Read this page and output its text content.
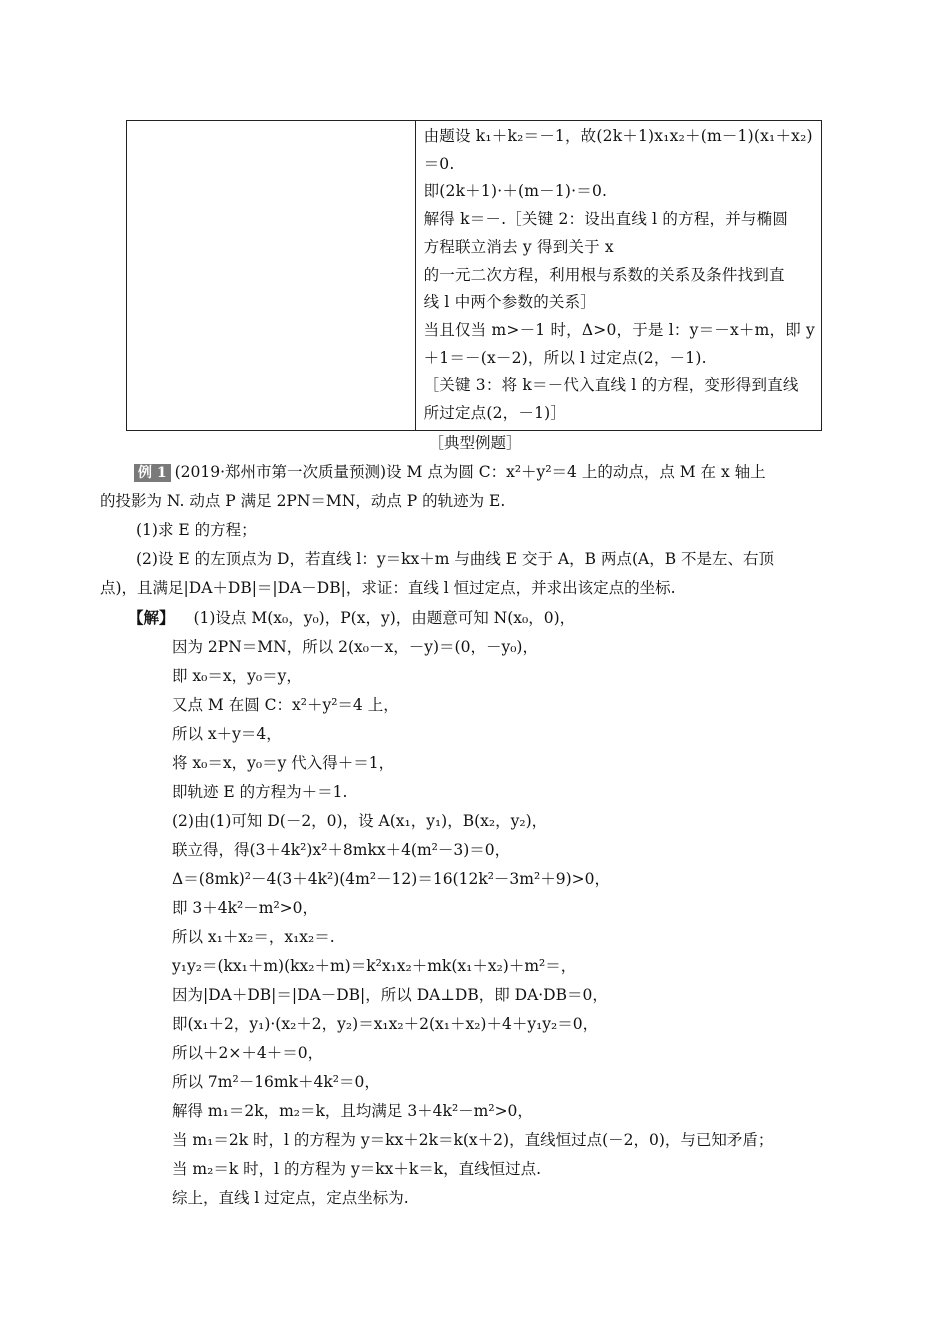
由题设 k₁＋k₂＝－1，故(2k＋1)x₁x₂＋(m－1)(x₁＋x₂)
＝0.
即(2k＋1)·＋(m－1)·＝0.
解得 k＝－.［关键 2：设出直线 l 的方程，并与椭圆
方程联立消去 y 得到关于 x
的一元二次方程，利用根与系数的关系及条件找到直
线 l 中两个参数的关系］
当且仅当 m>－1 时，Δ>0，于是 l：y＝－x＋m，即 y
＋1＝－(x－2)，所以 l 过定点(2，－1).
［关键 3：将 k＝－代入直线 l 的方程，变形得到直线
所过定点(2，－1)］
［典型例题］
例 1 (2019·郑州市第一次质量预测)设 M 点为圆 C：x²＋y²＝4 上的动点，点 M 在 x 轴上
的投影为 N. 动点 P 满足 2PN＝MN，动点 P 的轨迹为 E.
(1)求 E 的方程；
(2)设 E 的左顶点为 D，若直线 l：y＝kx＋m 与曲线 E 交于 A，B 两点(A，B 不是左、右顶
点)，且满足|DA＋DB|＝|DA－DB|，求证：直线 l 恒过定点，并求出该定点的坐标.
【解】 (1)设点 M(x₀，y₀)，P(x，y)，由题意可知 N(x₀，0)，
因为 2PN＝MN，所以 2(x₀－x，－y)＝(0，－y₀)，
即 x₀＝x，y₀＝y，
又点 M 在圆 C：x²＋y²＝4 上，
所以 x＋y＝4，
将 x₀＝x，y₀＝y 代入得＋＝1，
即轨迹 E 的方程为＋＝1.
(2)由(1)可知 D(－2，0)，设 A(x₁，y₁)，B(x₂，y₂)，
联立得，得(3＋4k²)x²＋8mkx＋4(m²－3)＝0，
Δ＝(8mk)²－4(3＋4k²)(4m²－12)＝16(12k²－3m²＋9)>0，
即 3＋4k²－m²>0，
所以 x₁＋x₂＝，x₁x₂＝.
y₁y₂＝(kx₁＋m)(kx₂＋m)＝k²x₁x₂＋mk(x₁＋x₂)＋m²＝，
因为|DA＋DB|＝|DA－DB|，所以 DA⊥DB，即 DA·DB＝0，
即(x₁＋2，y₁)·(x₂＋2，y₂)＝x₁x₂＋2(x₁＋x₂)＋4＋y₁y₂＝0，
所以＋2×＋4＋＝0，
所以 7m²－16mk＋4k²＝0，
解得 m₁＝2k，m₂＝k，且均满足 3＋4k²－m²>0，
当 m₁＝2k 时，l 的方程为 y＝kx＋2k＝k(x＋2)，直线恒过点(－2，0)，与已知矛盾；
当 m₂＝k 时，l 的方程为 y＝kx＋k＝k，直线恒过点.
综上，直线 l 过定点，定点坐标为.
